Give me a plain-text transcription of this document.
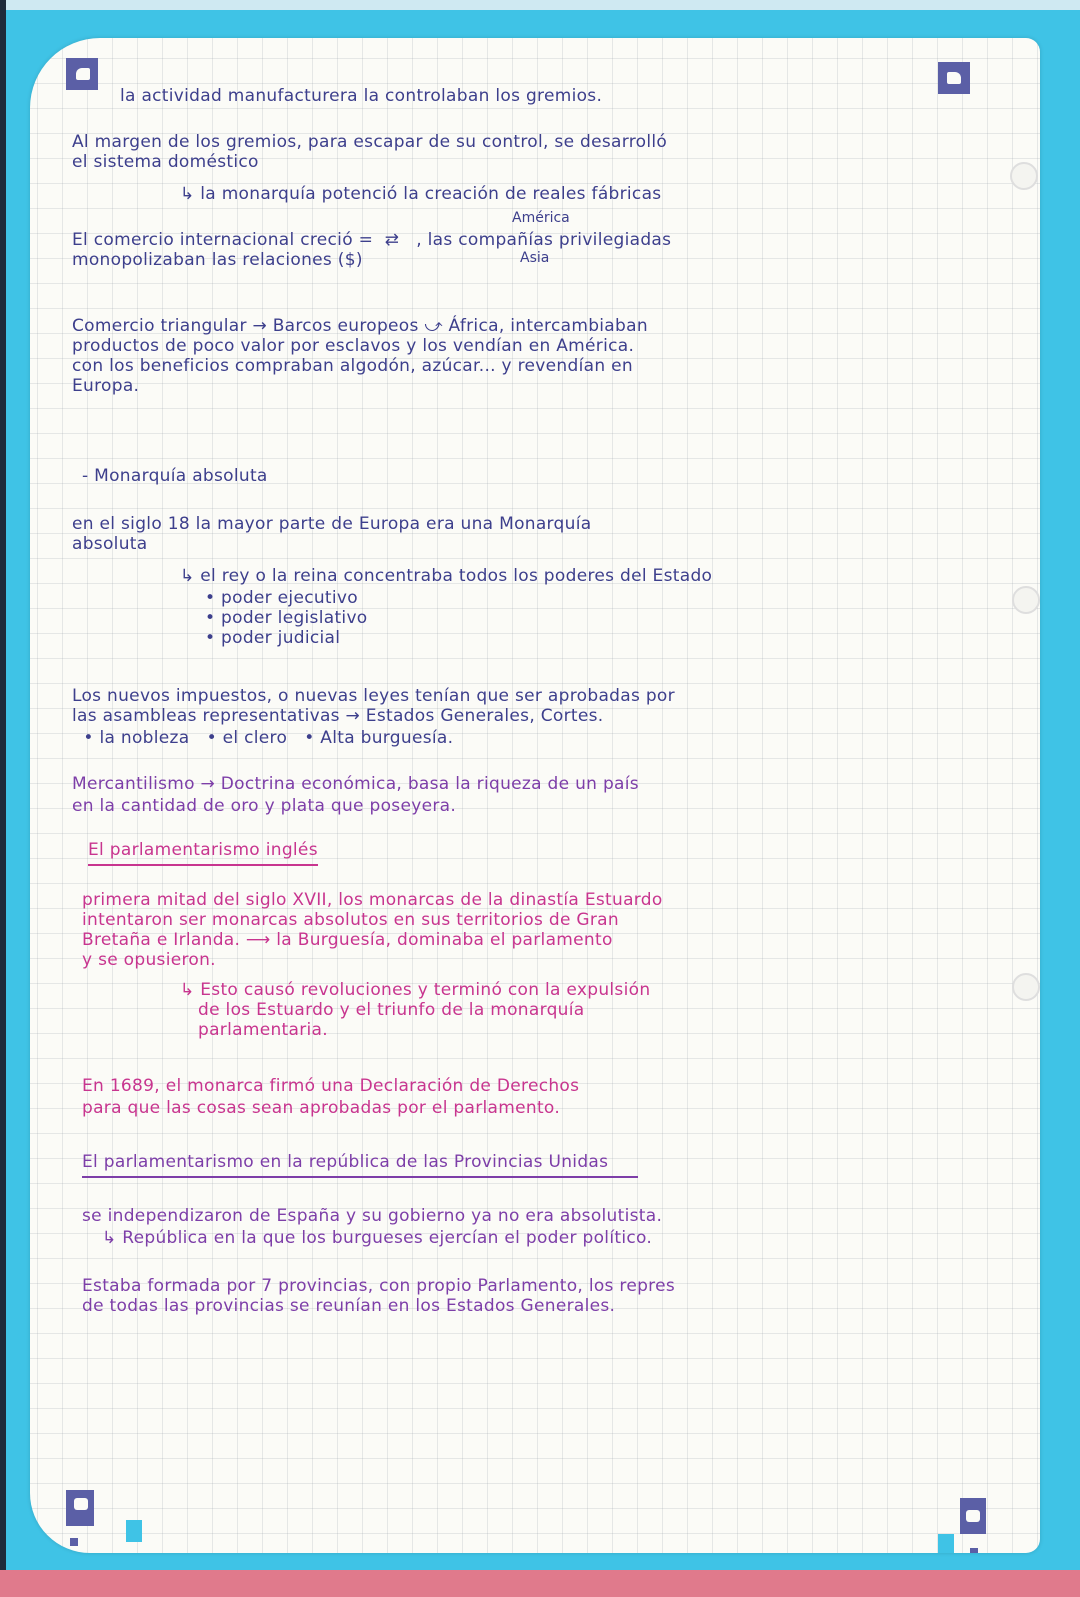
la actividad manufacturera la controlaban los gremios.

Al margen de los gremios, para escapar de su control, se desarrolló

el sistema doméstico

↳ la monarquía potenció la creación de reales fábricas

América

El comercio internacional creció =  ⇄   , las compañías privilegiadas

monopolizaban las relaciones ($)	Asia

Comercio triangular → Barcos europeos ⤻ África, intercambiaban

productos de poco valor por esclavos y los vendían en América.

con los beneficios compraban algodón, azúcar... y revendían en

Europa.

- Monarquía absoluta

en el siglo 18 la mayor parte de Europa era una Monarquía

absoluta

↳ el rey o la reina concentraba todos los poderes del Estado

• poder ejecutivo

• poder legislativo

• poder judicial

Los nuevos impuestos, o nuevas leyes tenían que ser aprobadas por

las asambleas representativas → Estados Generales, Cortes.

• la nobleza   • el clero   • Alta burguesía.

Mercantilismo → Doctrina económica, basa la riqueza de un país

en la cantidad de oro y plata que poseyera.

El parlamentarismo inglés

primera mitad del siglo XVII, los monarcas de la dinastía Estuardo

intentaron ser monarcas absolutos en sus territorios de Gran

Bretaña e Irlanda. ⟶ la Burguesía, dominaba el parlamento

y se opusieron.

↳ Esto causó revoluciones y terminó con la expulsión

de los Estuardo y el triunfo de la monarquía

parlamentaria.

En 1689, el monarca firmó una Declaración de Derechos

para que las cosas sean aprobadas por el parlamento.

El parlamentarismo en la república de las Provincias Unidas

se independizaron de España y su gobierno ya no era absolutista.

↳ República en la que los burgueses ejercían el poder político.

Estaba formada por 7 provincias, con propio Parlamento, los repres

de todas las provincias se reunían en los Estados Generales.
